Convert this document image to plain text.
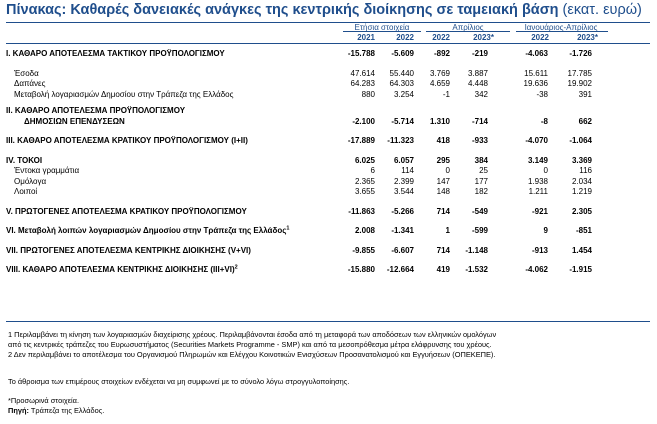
Πίνακας: Καθαρές δανειακές ανάγκες της κεντρικής διοίκησης σε ταμειακή βάση (εκατ. ευρώ)
Ετήσια στοιχεία	Απρίλιος	Ιανουάριος-Απρίλιος
2021	2022	2022	2023*	2022	2023*
I. ΚΑΘΑΡΟ ΑΠΟΤΕΛΕΣΜΑ ΤΑΚΤΙΚΟΥ ΠΡΟΫΠΟΛΟΓΙΣΜΟΥ	-15.788	-5.609	-892	-219	-4.063	-1.726	

Έσοδα	47.614	55.440	3.769	3.887	15.611	17.785	
Δαπάνες	64.283	64.303	4.659	4.448	19.636	19.902	
Μεταβολή λογαριασμών Δημοσίου στην Τράπεζα της Ελλάδος	880	3.254	-1	342	-38	391	

II. ΚΑΘΑΡΟ ΑΠΟΤΕΛΕΣΜΑ ΠΡΟΫΠΟΛΟΓΙΣΜΟΥ							
ΔΗΜΟΣΙΩΝ ΕΠΕΝΔΥΣΕΩΝ	-2.100	-5.714	1.310	-714	-8	662	

III. ΚΑΘΑΡΟ ΑΠΟΤΕΛΕΣΜΑ ΚΡΑΤΙΚΟΥ ΠΡΟΫΠΟΛΟΓΙΣΜΟΥ (I+II)	-17.889	-11.323	418	-933	-4.070	-1.064	

IV. ΤΟΚΟΙ	6.025	6.057	295	384	3.149	3.369	
Έντοκα γραμμάτια	6	114	0	25	0	116	
Ομόλογα	2.365	2.399	147	177	1.938	2.034	
Λοιποί	3.655	3.544	148	182	1.211	1.219	

V. ΠΡΩΤΟΓΕΝΕΣ ΑΠΟΤΕΛΕΣΜΑ ΚΡΑΤΙΚΟΥ ΠΡΟΫΠΟΛΟΓΙΣΜΟΥ	-11.863	-5.266	714	-549	-921	2.305	

VI. Μεταβολή λοιπών λογαριασμών Δημοσίου στην Τράπεζα της Ελλάδος$^1$	2.008	-1.341	1	-599	9	-851	

VII. ΠΡΩΤΟΓΕΝΕΣ ΑΠΟΤΕΛΕΣΜΑ ΚΕΝΤΡΙΚΗΣ ΔΙΟΙΚΗΣΗΣ (V+VI)	-9.855	-6.607	714	-1.148	-913	1.454	

VIII. ΚΑΘΑΡΟ ΑΠΟΤΕΛΕΣΜΑ ΚΕΝΤΡΙΚΗΣ ΔΙΟΙΚΗΣΗΣ $(III+VI)^2$	-15.880	-12.664	419	-1.532	-4.062	-1.915	
1 Περιλαμβάνει τη κίνηση των λογαριασμών διαχείρισης χρέους. Περιλαμβάνονται έσοδα από τη μεταφορά των αποδόσεων των ελληνικών ομολόγων
από τις κεντρικές τράπεζες του Ευρωσυστήματος (Securities Markets Programme - SMP) και από τα μεσοπρόθεσμα μέτρα ελάφρυνσης του χρέους.
2 Δεν περιλαμβάνει το αποτέλεσμα του Οργανισμού Πληρωμών και Ελέγχου Κοινοτικών Ενισχύσεων Προσανατολισμού και Εγγυήσεων (ΟΠΕΚΕΠΕ).
Το άθροισμα των επιμέρους στοιχείων ενδέχεται να μη συμφωνεί με το σύνολο λόγω στρογγυλοποίησης.
*Προσωρινά στοιχεία.
Πηγή: Τράπεζα της Ελλάδος.
